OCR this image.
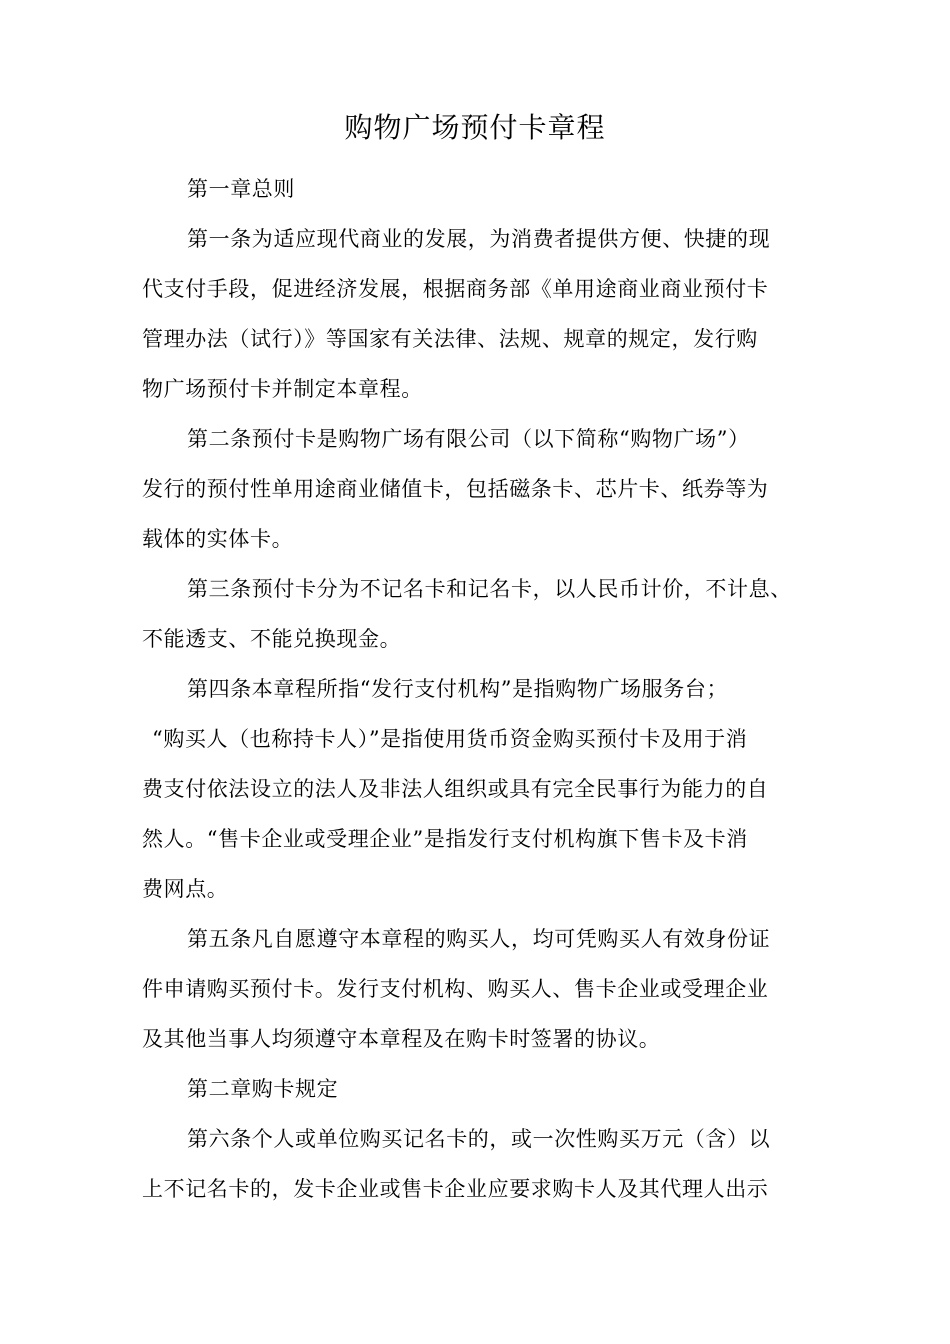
购物广场预付卡章程
第一章总则
第一条为适应现代商业的发展，为消费者提供方便、快捷的现
代支付手段，促进经济发展，根据商务部《单用途商业商业预付卡
管理办法（试行）》等国家有关法律、法规、规章的规定，发行购
物广场预付卡并制定本章程。
第二条预付卡是购物广场有限公司（以下简称“购物广场”）
发行的预付性单用途商业储值卡，包括磁条卡、芯片卡、纸券等为
载体的实体卡。
第三条预付卡分为不记名卡和记名卡，以人民币计价，不计息、
不能透支、不能兑换现金。
第四条本章程所指“发行支付机构”是指购物广场服务台；
“购买人（也称持卡人）”是指使用货币资金购买预付卡及用于消
费支付依法设立的法人及非法人组织或具有完全民事行为能力的自
然人。“售卡企业或受理企业”是指发行支付机构旗下售卡及卡消
费网点。
第五条凡自愿遵守本章程的购买人，均可凭购买人有效身份证
件申请购买预付卡。发行支付机构、购买人、售卡企业或受理企业
及其他当事人均须遵守本章程及在购卡时签署的协议。
第二章购卡规定
第六条个人或单位购买记名卡的，或一次性购买万元（含）以
上不记名卡的，发卡企业或售卡企业应要求购卡人及其代理人出示
